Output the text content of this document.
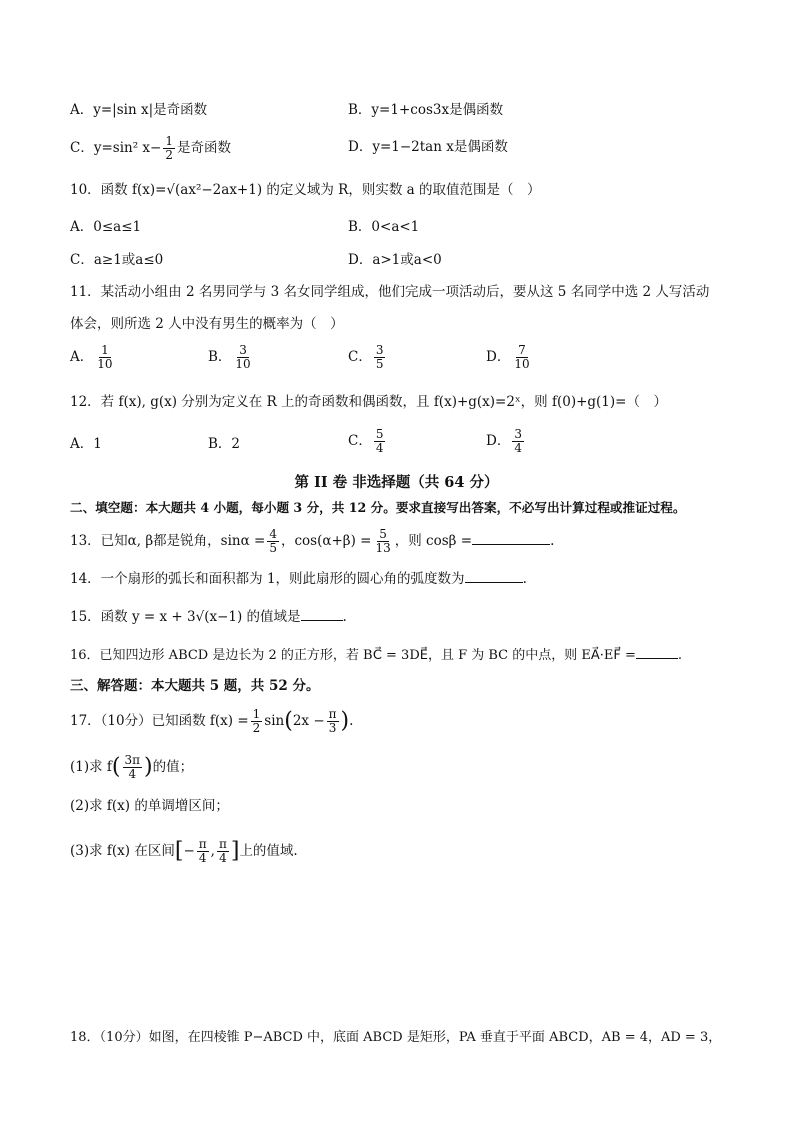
A．y=|sin x|是奇函数	B．y=1+cos3x是偶函数
C．y=sin² $x- \frac{1}{2}$ 是奇函数	D．y=1−2tan x是偶函数
10．函数 f(x)=√(ax²−2ax+1) 的定义域为 R，则实数 a 的取值范围是（　）
A．0≤a≤1	B．0<a<1
C．a≥1或a≤0	D．a>1或a<0
11．某活动小组由 2 名男同学与 3 名女同学组成，他们完成一项活动后，要从这 5 名同学中选 2 人写活动
体会，则所选 2 人中没有男生的概率为（　）
A． $\frac{1}{10}$	B． $\frac{3}{10}$	C． $\frac{3}{5}$	D． $\frac{7}{10}$
12．若 f(x), g(x) 分别为定义在 R 上的奇函数和偶函数，且 f(x)+g(x)=2ˣ，则 f(0)+g(1)=（　）
A．1	B．2	C． $\frac{5}{4}$	D． $\frac{3}{4}$
第 II 卷 非选择题（共 64 分）
二、填空题：本大题共 4 小题，每小题 3 分，共 12 分。要求直接写出答案，不必写出计算过程或推证过程。
13．已知α, β都是锐角，$\sin\alpha = \frac{4}{5}$ ，$\cos(\alpha+\beta) = \frac{5}{13}$ ，则 cosβ =	.
14．一个扇形的弧长和面积都为 1，则此扇形的圆心角的弧度数为	.
15．函数 y = x + 3√(x−1) 的值域是	.
16．已知四边形 ABCD 是边长为 2 的正方形，若 BC⃗ = 3DE⃗，且 F 为 BC 的中点，则 EA⃗·EF⃗ =	.
三、解答题：本大题共 5 题，共 52 分。
17．（10分）已知函数 $f(x) = \frac{1}{2} \sin(2x - \frac{\pi}{3}$ ).
(1)求 $f( \frac{3\pi}{4}$ )的值；
(2)求 f(x) 的单调增区间；
(3)求 f(x) 在区间[− $\frac{\pi}{4}$ , $\frac{\pi}{4}$ ]上的值域.
18．（10分）如图，在四棱锥 P−ABCD 中，底面 ABCD 是矩形，PA 垂直于平面 ABCD，AB = 4，AD = 3，
